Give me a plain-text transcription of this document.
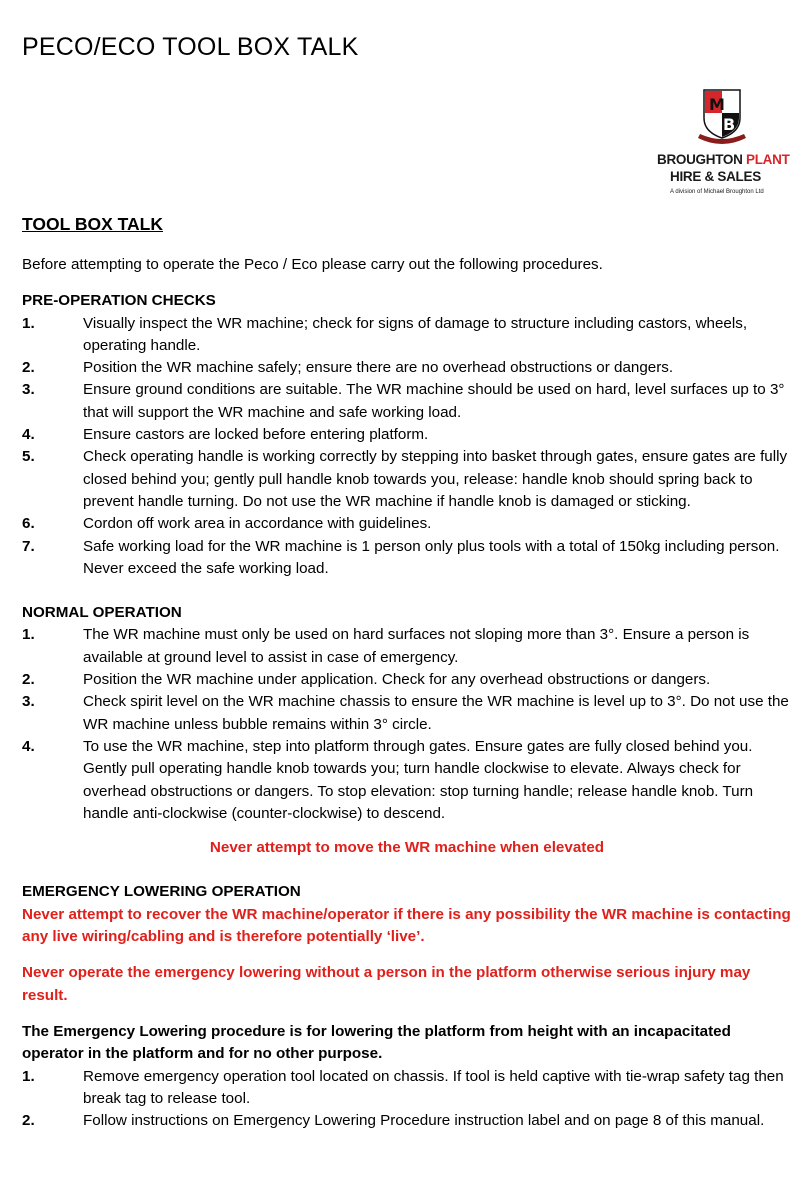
PECO/ECO TOOL BOX TALK
M
B
BROUGHTON PLANT
HIRE & SALES
A division of Michael Broughton Ltd
TOOL BOX TALK

Before attempting to operate the Peco / Eco please carry out the following procedures.

PRE-OPERATION CHECKS

1.	Visually inspect the WR machine; check for signs of damage to structure including castors, wheels, operating handle.
2.	Position the WR machine safely; ensure there are no overhead obstructions or dangers.
3.	Ensure ground conditions are suitable. The WR machine should be used on hard, level surfaces up to 3° that will support the WR machine and safe working load.
4.	Ensure castors are locked before entering platform.
5.	Check operating handle is working correctly by stepping into basket through gates, ensure gates are fully closed behind you; gently pull handle knob towards you, release: handle knob should spring back to prevent handle turning. Do not use the WR machine if handle knob is damaged or sticking.
6.	Cordon off work area in accordance with guidelines.
7.	Safe working load for the WR machine is 1 person only plus tools with a total of 150kg including person. Never exceed the safe working load.

NORMAL OPERATION

1.	The WR machine must only be used on hard surfaces not sloping more than 3°. Ensure a person is available at ground level to assist in case of emergency.
2.	Position the WR machine under application. Check for any overhead obstructions or dangers.
3.	Check spirit level on the WR machine chassis to ensure the WR machine is level up to 3°. Do not use the WR machine unless bubble remains within 3° circle.
4.	To use the WR machine, step into platform through gates. Ensure gates are fully closed behind you. Gently pull operating handle knob towards you; turn handle clockwise to elevate. Always check for overhead obstructions or dangers. To stop elevation: stop turning handle; release handle knob. Turn handle anti-clockwise (counter-clockwise) to descend.

Never attempt to move the WR machine when elevated

EMERGENCY LOWERING OPERATION

Never attempt to recover the WR machine/operator if there is any possibility the WR machine is contacting any live wiring/cabling and is therefore potentially ‘live’.

Never operate the emergency lowering without a person in the platform otherwise serious injury may result.

The Emergency Lowering procedure is for lowering the platform from height with an incapacitated operator in the platform and for no other purpose.

1.	Remove emergency operation tool located on chassis. If tool is held captive with tie-wrap safety tag then break tag to release tool.
2.	Follow instructions on Emergency Lowering Procedure instruction label and on page 8 of this manual.
